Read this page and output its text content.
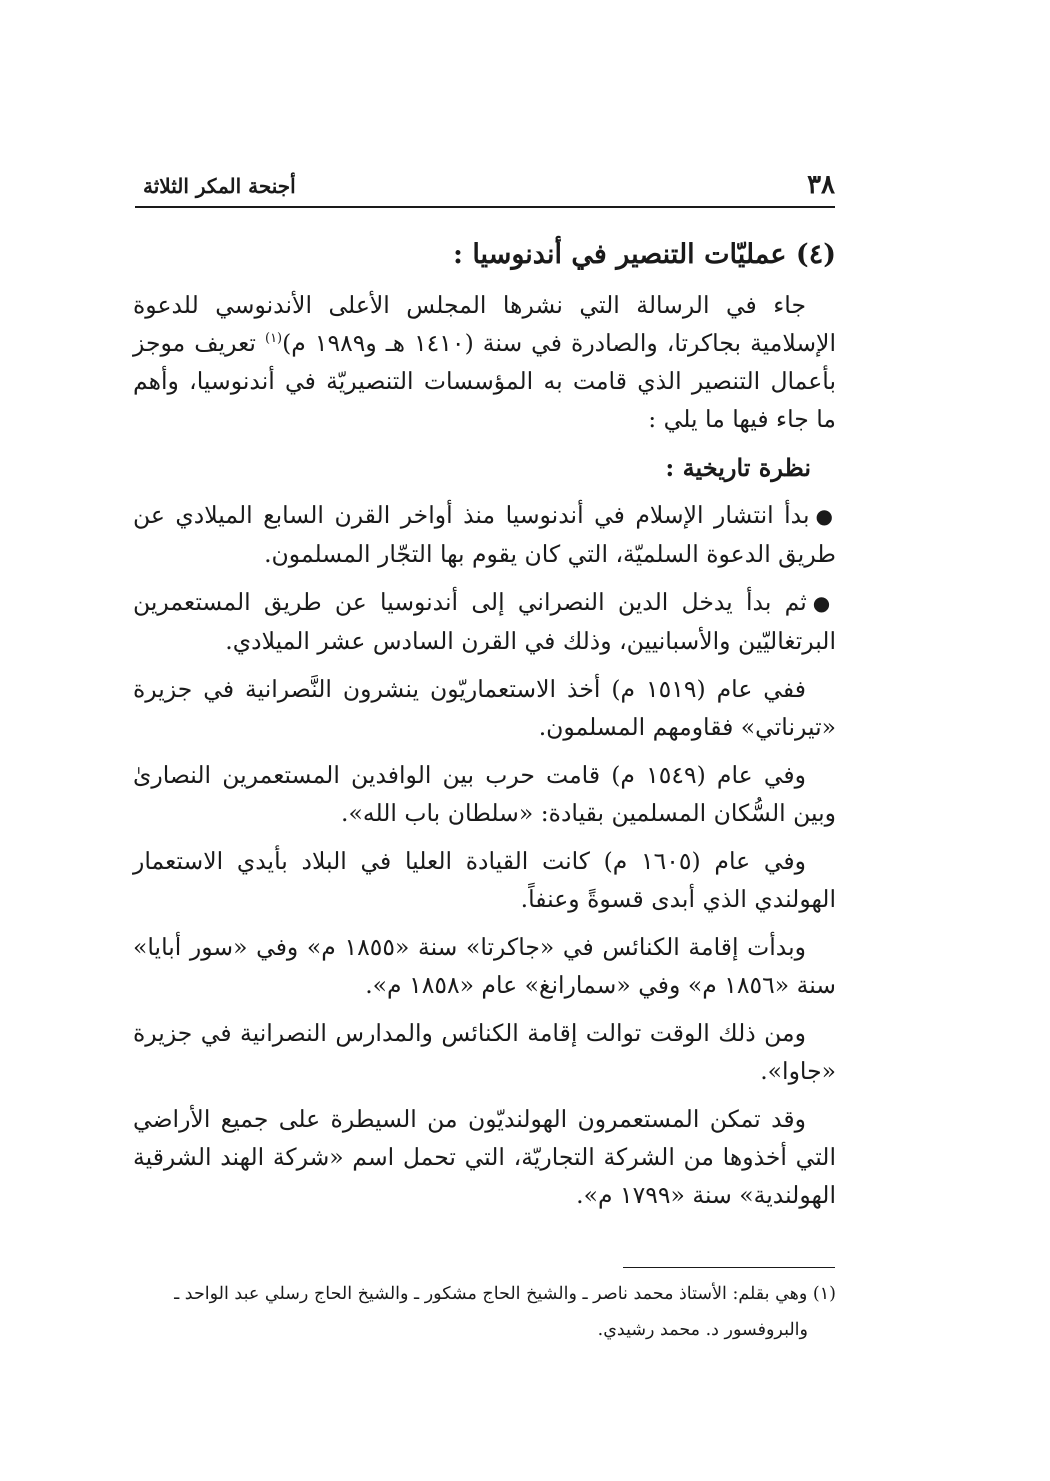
٣٨
أجنحة المكر الثلاثة
(٤) عمليّات التنصير في أندنوسيا :

جاء في الرسالة التي نشرها المجلس الأعلى الأندنوسي للدعوة الإسلامية بجاكرتا، والصادرة في سنة (١٤١٠ هـ و١٩٨٩ م)$^{(١)}$ تعريف موجز بأعمال التنصير الذي قامت به المؤسسات التنصيريّة في أندنوسيا، وأهم ما جاء فيها ما يلي :

نظرة تاريخية :

●بدأ انتشار الإسلام في أندنوسيا منذ أواخر القرن السابع الميلادي عن طريق الدعوة السلميّة، التي كان يقوم بها التجّار المسلمون.

●ثم بدأ يدخل الدين النصراني إلى أندنوسيا عن طريق المستعمرين البرتغاليّين والأسبانيين، وذلك في القرن السادس عشر الميلادي.

ففي عام (١٥١٩ م) أخذ الاستعماريّون ينشرون النَّصرانية في جزيرة «تيرناتي» فقاومهم المسلمون.

وفي عام (١٥٤٩ م) قامت حرب بين الوافدين المستعمرين النصارىٰ وبين السُّكان المسلمين بقيادة: «سلطان باب الله».

وفي عام (١٦٠٥ م) كانت القيادة العليا في البلاد بأيدي الاستعمار الهولندي الذي أبدى قسوةً وعنفاً.

وبدأت إقامة الكنائس في «جاكرتا» سنة «١٨٥٥ م» وفي «سور أبايا» سنة «١٨٥٦ م» وفي «سمارانغ» عام «١٨٥٨ م».

ومن ذلك الوقت توالت إقامة الكنائس والمدارس النصرانية في جزيرة «جاوا».

وقد تمكن المستعمرون الهولنديّون من السيطرة على جميع الأراضي التي أخذوها من الشركة التجاريّة، التي تحمل اسم «شركة الهند الشرقية الهولندية» سنة «١٧٩٩ م».

(١) وهي بقلم: الأستاذ محمد ناصر ـ والشيخ الحاج مشكور ـ والشيخ الحاج رسلي عبد الواحد ـ
والبروفسور د. محمد رشيدي.
